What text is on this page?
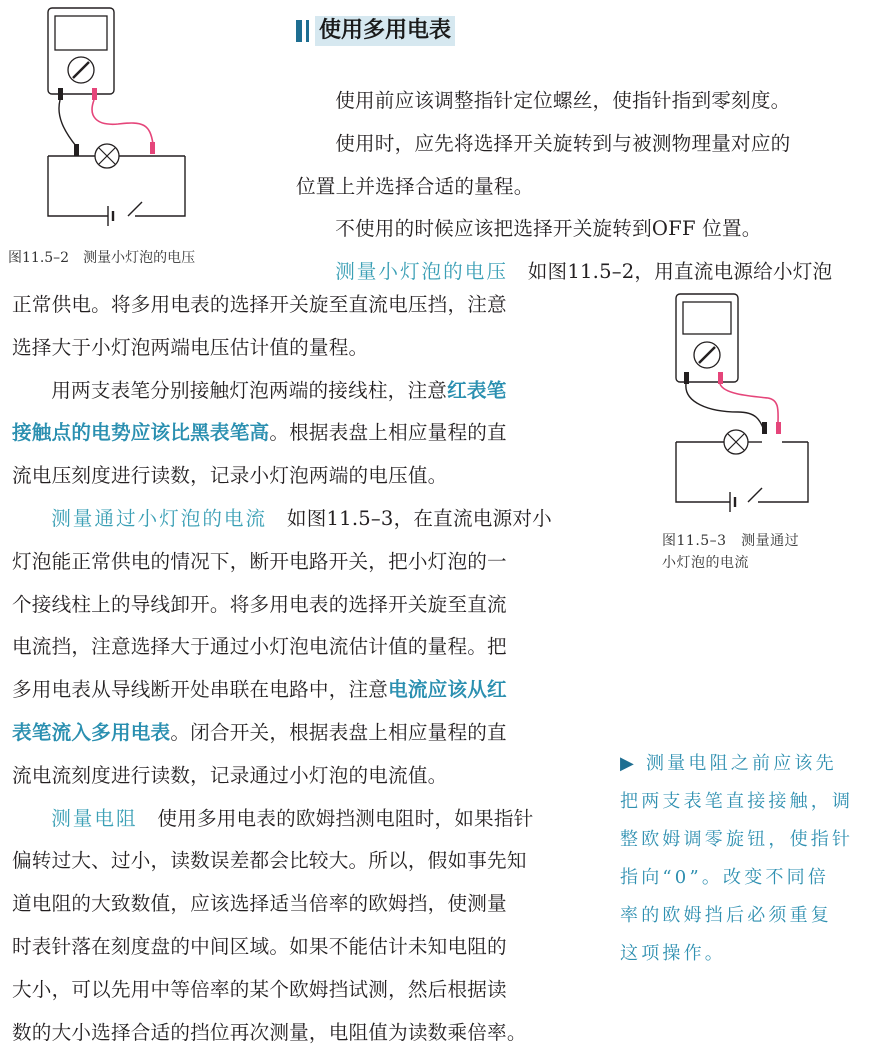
图11.5–2　测量小灯泡的电压
使用多用电表

使用前应该调整指针定位螺丝，使指针指到零刻度。

使用时，应先将选择开关旋转到与被测物理量对应的

位置上并选择合适的量程。

不使用的时候应该把选择开关旋转到OFF 位置。

测量小灯泡的电压　 如图11.5–2，用直流电源给小灯泡

正常供电。将多用电表的选择开关旋至直流电压挡，注意

选择大于小灯泡两端电压估计值的量程。

用两支表笔分别接触灯泡两端的接线柱，注意红表笔

接触点的电势应该比黑表笔高。根据表盘上相应量程的直

流电压刻度进行读数，记录小灯泡两端的电压值。

测量通过小灯泡的电流　 如图11.5–3，在直流电源对小

灯泡能正常供电的情况下，断开电路开关，把小灯泡的一

个接线柱上的导线卸开。将多用电表的选择开关旋至直流

电流挡，注意选择大于通过小灯泡电流估计值的量程。把

多用电表从导线断开处串联在电路中，注意电流应该从红

表笔流入多用电表。闭合开关，根据表盘上相应量程的直

流电流刻度进行读数，记录通过小灯泡的电流值。

测量电阻　 使用多用电表的欧姆挡测电阻时，如果指针

偏转过大、过小，读数误差都会比较大。所以，假如事先知

道电阻的大致数值，应该选择适当倍率的欧姆挡，使测量

时表针落在刻度盘的中间区域。如果不能估计未知电阻的

大小，可以先用中等倍率的某个欧姆挡试测，然后根据读

数的大小选择合适的挡位再次测量，电阻值为读数乘倍率。

图11.5–3　测量通过
小灯泡的电流
▶ 测量电阻之前应该先
把两支表笔直接接触，调
整欧姆调零旋钮，使指针
指向“0”。改变不同倍
率的欧姆挡后必须重复
这项操作。
